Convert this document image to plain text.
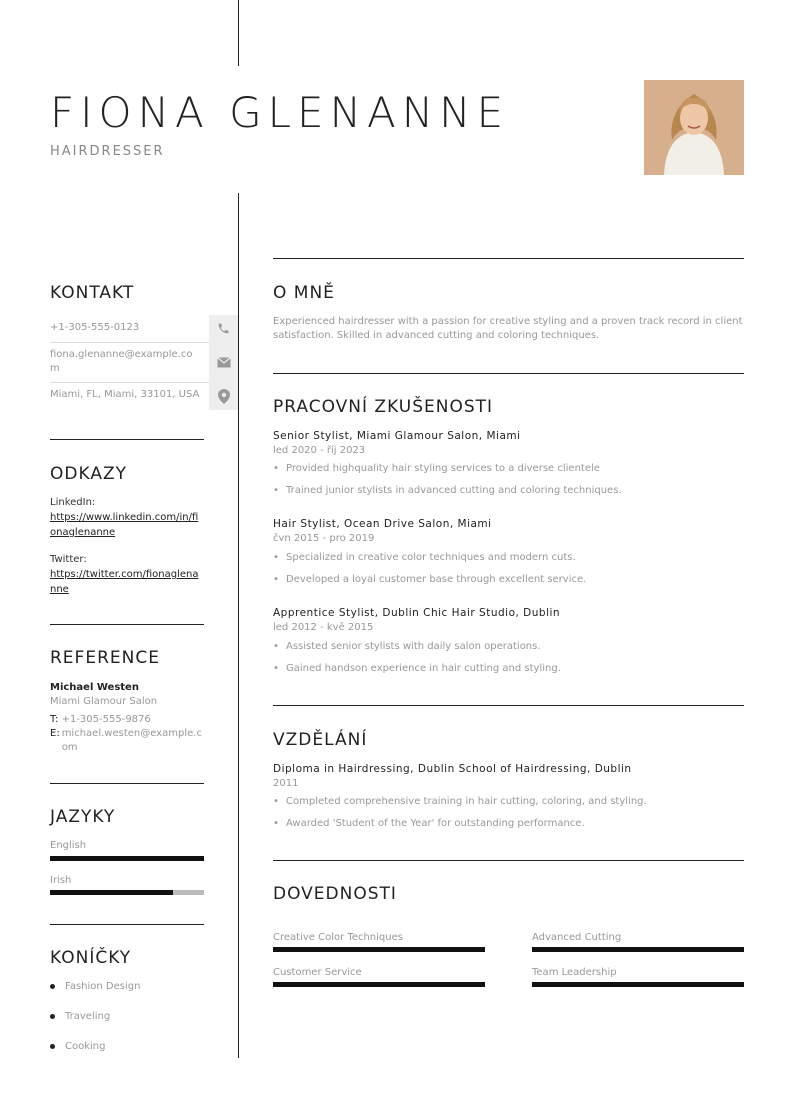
FIONA GLENANNE
HAIRDRESSER
KONTAKT
+1-305-555-0123
fiona.glenanne@example.com
Miami, FL, Miami, 33101, USA
ODKAZY
LinkedIn:
https://www.linkedin.com/in/fionaglenanne
Twitter:
https://twitter.com/fionaglenanne
REFERENCE
Michael Westen
Miami Glamour Salon
T: +1-305-555-9876
E: michael.westen@example.com
JAZYKY
English
Irish
KONÍČKY
Fashion Design
Traveling
Cooking
O MNĚ
Experienced hairdresser with a passion for creative styling and a proven track record in client satisfaction. Skilled in advanced cutting and coloring techniques.
PRACOVNÍ ZKUŠENOSTI
Senior Stylist, Miami Glamour Salon, Miami
led 2020 - říj 2023
• Provided highquality hair styling services to a diverse clientele
• Trained junior stylists in advanced cutting and coloring techniques.
Hair Stylist, Ocean Drive Salon, Miami
čvn 2015 - pro 2019
• Specialized in creative color techniques and modern cuts.
• Developed a loyal customer base through excellent service.
Apprentice Stylist, Dublin Chic Hair Studio, Dublin
led 2012 - kvě 2015
• Assisted senior stylists with daily salon operations.
• Gained handson experience in hair cutting and styling.
VZDĚLÁNÍ
Diploma in Hairdressing, Dublin School of Hairdressing, Dublin
2011
• Completed comprehensive training in hair cutting, coloring, and styling.
• Awarded 'Student of the Year' for outstanding performance.
DOVEDNOSTI
Creative Color Techniques	Advanced Cutting
Customer Service	Team Leadership
